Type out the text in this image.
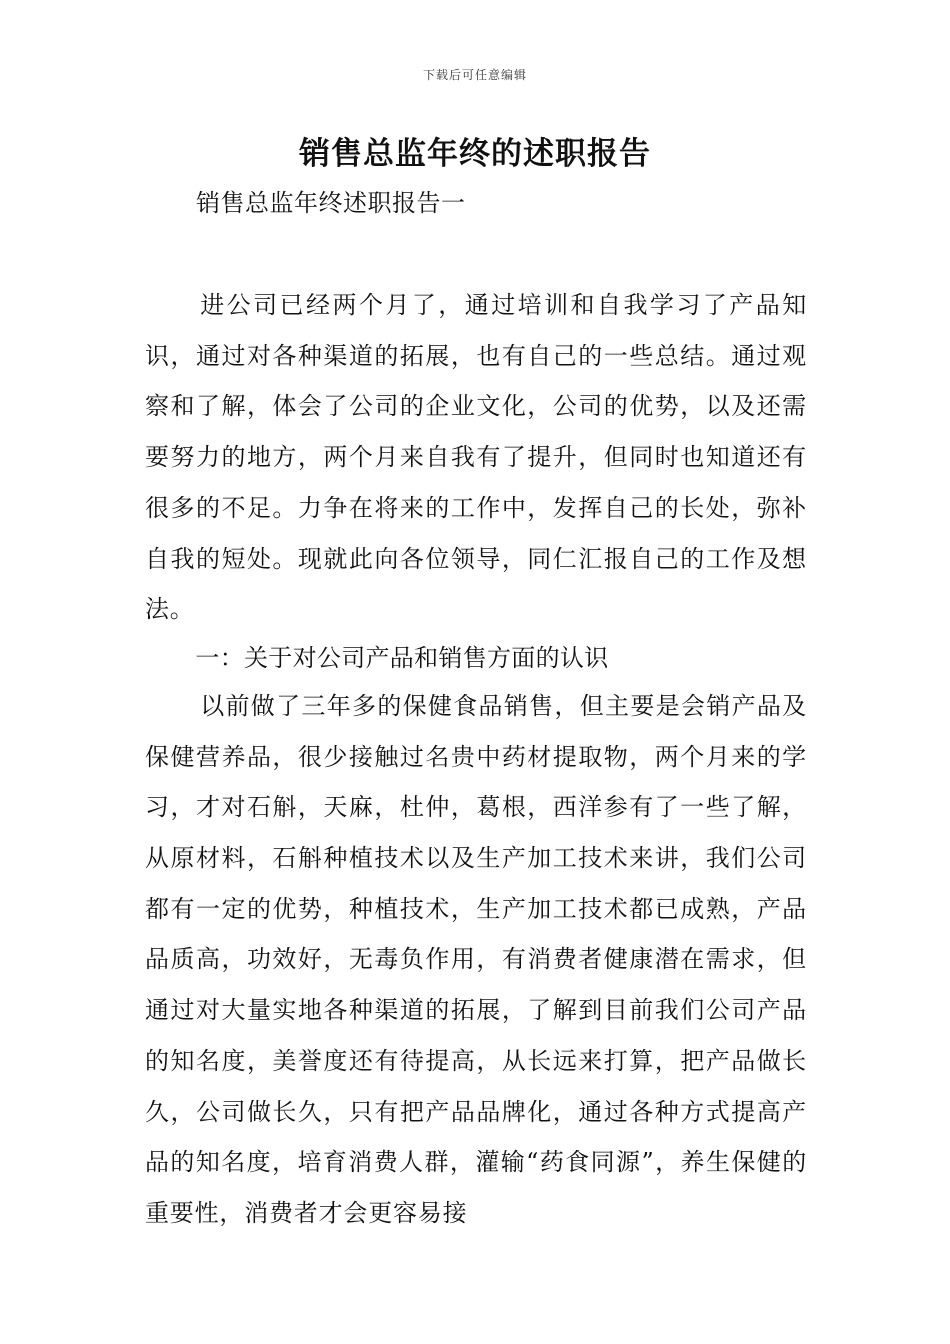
下载后可任意编辑
销售总监年终的述职报告

销售总监年终述职报告一

进公司已经两个月了，通过培训和自我学习了产品知识，通过对各种渠道的拓展，也有自己的一些总结。通过观察和了解，体会了公司的企业文化，公司的优势，以及还需要努力的地方，两个月来自我有了提升，但同时也知道还有很多的不足。力争在将来的工作中，发挥自己的长处，弥补自我的短处。现就此向各位领导，同仁汇报自己的工作及想法。

一：关于对公司产品和销售方面的认识

以前做了三年多的保健食品销售，但主要是会销产品及保健营养品，很少接触过名贵中药材提取物，两个月来的学习，才对石斛，天麻，杜仲，葛根，西洋参有了一些了解，从原材料，石斛种植技术以及生产加工技术来讲，我们公司都有一定的优势，种植技术，生产加工技术都已成熟，产品品质高，功效好，无毒负作用，有消费者健康潜在需求，但通过对大量实地各种渠道的拓展，了解到目前我们公司产品的知名度，美誉度还有待提高，从长远来打算，把产品做长久，公司做长久，只有把产品品牌化，通过各种方式提高产品的知名度，培育消费人群，灌输“药食同源”，养生保健的重要性，消费者才会更容易接
